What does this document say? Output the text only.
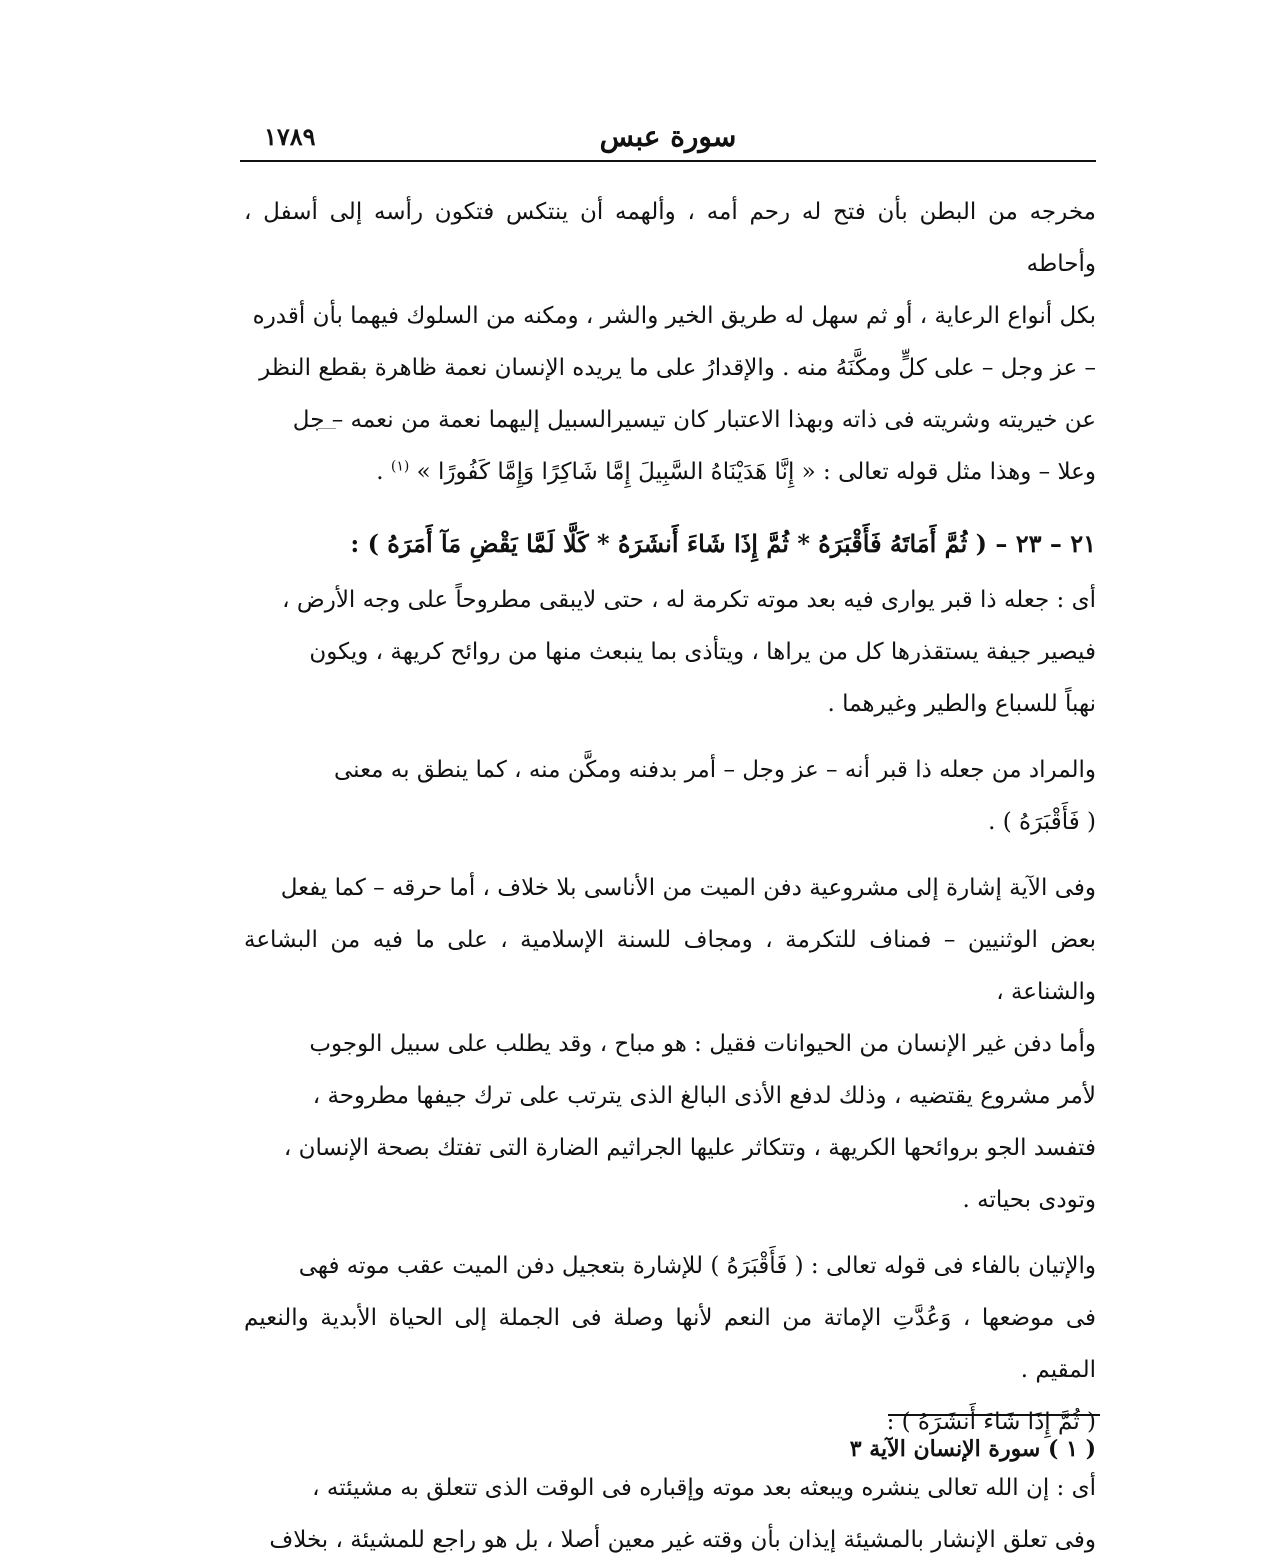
سورة عبس
١٧٨٩
مخرجه من البطن بأن فتح له رحم أمه ، وألهمه أن ينتكس فتكون رأسه إلى أسفل ، وأحاطه
بكل أنواع الرعاية ، أو ثم سهل له طريق الخير والشر ، ومكنه من السلوك فيهما بأن أقدره
– عز وجل – على كلٍّ ومكَّنَهُ منه . والإقدارُ على ما يريده الإنسان نعمة ظاهرة بقطع النظر
عن خيريته وشريته فى ذاته وبهذا الاعتبار كان تيسيرالسبيل إليهما نعمة من نعمه – جل
وعلا – وهذا مثل قوله تعالى : « إِنَّا هَدَيْنَاهُ السَّبِيلَ إِمَّا شَاكِرًا وَإِمَّا كَفُورًا » $^{(١)}$ .
٢١ – ٢٣ – ( ثُمَّ أَمَاتَهُ فَأَقْبَرَهُ * ثُمَّ إِذَا شَاءَ أَنشَرَهُ * كَلَّا لَمَّا يَقْضِ مَآ أَمَرَهُ ) :
أى : جعله ذا قبر يوارى فيه بعد موته تكرمة له ، حتى لايبقى مطروحاً على وجه الأرض ،
فيصير جيفة يستقذرها كل من يراها ، ويتأذى بما ينبعث منها من روائح كريهة ، ويكون
نهباً للسباع والطير وغيرهما .
والمراد من جعله ذا قبر أنه – عز وجل – أمر بدفنه ومكَّن منه ، كما ينطق به معنى
( فَأَقْبَرَهُ ) .
وفى الآية إشارة إلى مشروعية دفن الميت من الأناسى بلا خلاف ، أما حرقه – كما يفعل
بعض الوثنيين – فمناف للتكرمة ، ومجاف للسنة الإسلامية ، على ما فيه من البشاعة والشناعة ،
وأما دفن غير الإنسان من الحيوانات فقيل : هو مباح ، وقد يطلب على سبيل الوجوب
لأمر مشروع يقتضيه ، وذلك لدفع الأذى البالغ الذى يترتب على ترك جيفها مطروحة ،
فتفسد الجو بروائحها الكريهة ، وتتكاثر عليها الجراثيم الضارة التى تفتك بصحة الإنسان ،
وتودى بحياته .
والإتيان بالفاء فى قوله تعالى : ( فَأَقْبَرَهُ ) للإشارة بتعجيل دفن الميت عقب موته فهى
فى موضعها ، وَعُدَّتِ الإماتة من النعم لأنها وصلة فى الجملة إلى الحياة الأبدية والنعيم المقيم .
( ثُمَّ إِذَا شَاءَ أَنشَرَهُ ) :
أى : إن الله تعالى ينشره ويبعثه بعد موته وإقباره فى الوقت الذى تتعلق به مشيئته ،
وفى تعلق الإنشار بالمشيئة إيذان بأن وقته غير معين أصلا ، بل هو راجع للمشيئة ، بخلاف
( ١ ) سورة الإنسان الآية ٣
